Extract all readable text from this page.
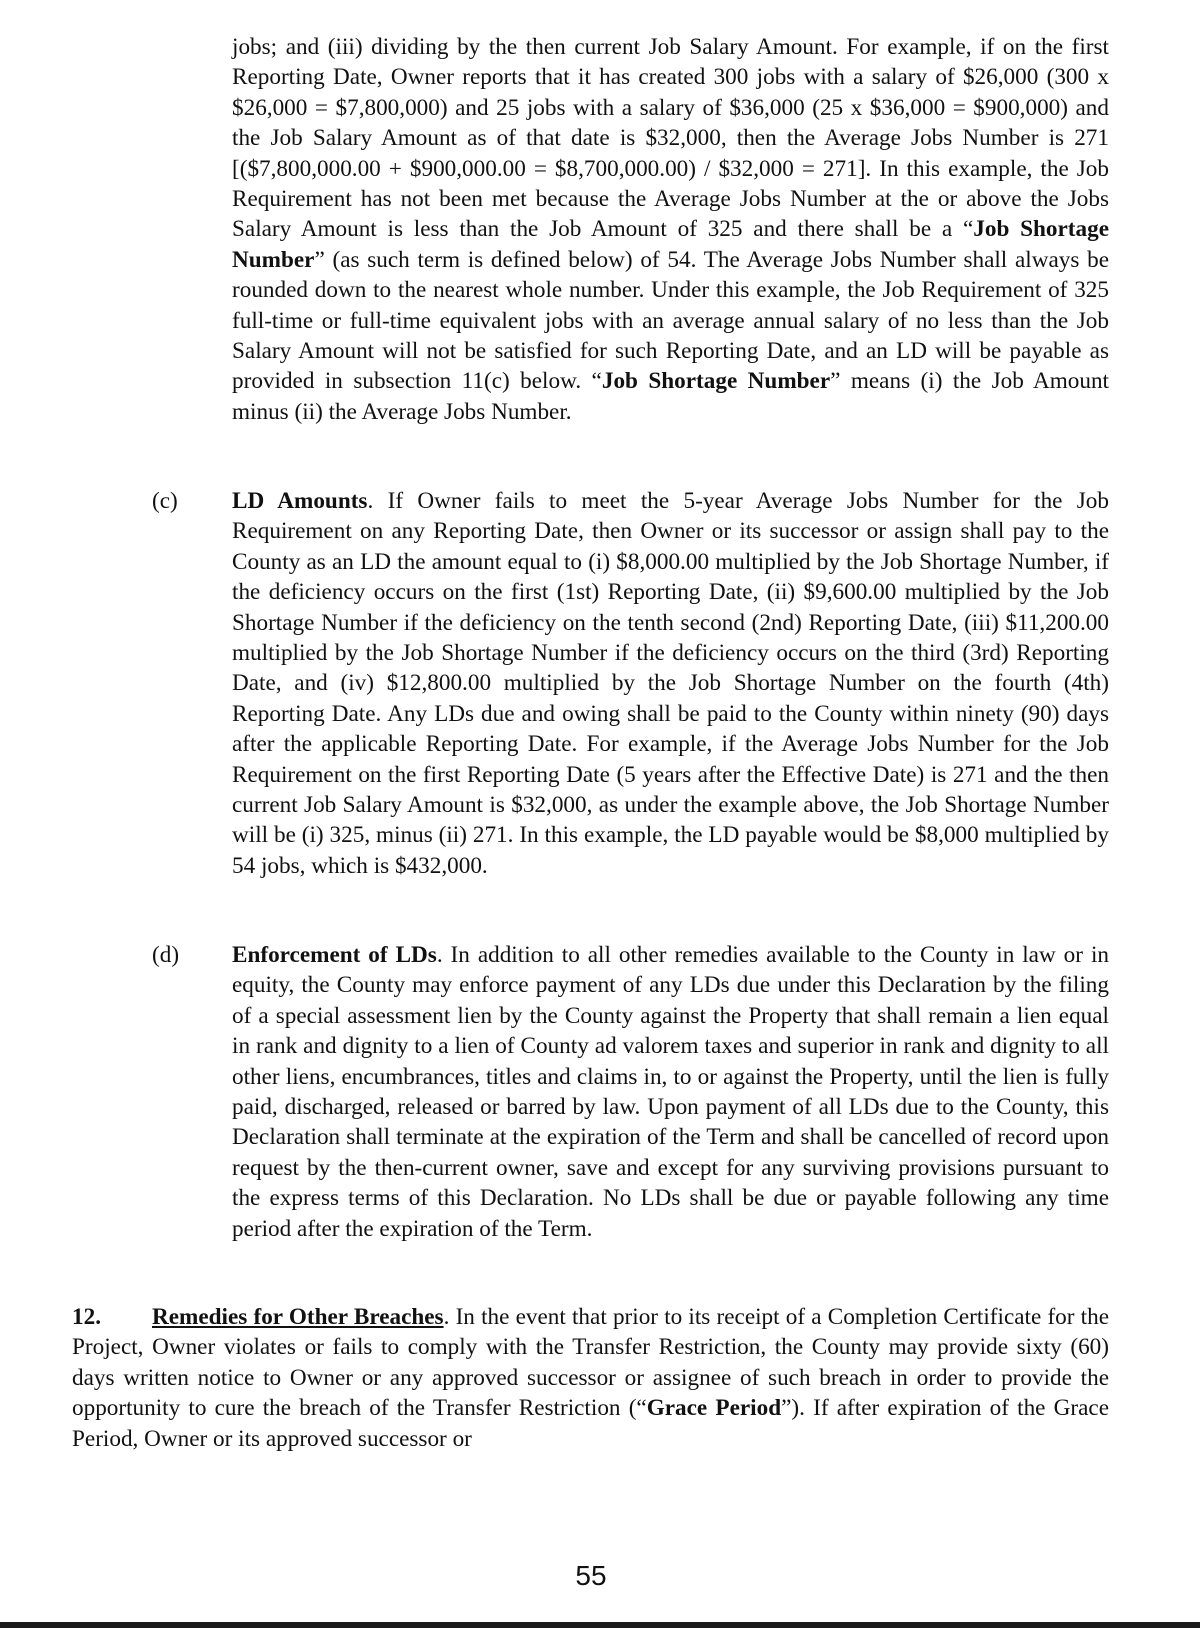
jobs; and (iii) dividing by the then current Job Salary Amount. For example, if on the first Reporting Date, Owner reports that it has created 300 jobs with a salary of $26,000 (300 x $26,000 = $7,800,000) and 25 jobs with a salary of $36,000 (25 x $36,000 = $900,000) and the Job Salary Amount as of that date is $32,000, then the Average Jobs Number is 271 [($7,800,000.00 + $900,000.00 = $8,700,000.00) / $32,000 = 271]. In this example, the Job Requirement has not been met because the Average Jobs Number at the or above the Jobs Salary Amount is less than the Job Amount of 325 and there shall be a “Job Shortage Number” (as such term is defined below) of 54. The Average Jobs Number shall always be rounded down to the nearest whole number. Under this example, the Job Requirement of 325 full-time or full-time equivalent jobs with an average annual salary of no less than the Job Salary Amount will not be satisfied for such Reporting Date, and an LD will be payable as provided in subsection 11(c) below. “Job Shortage Number” means (i) the Job Amount minus (ii) the Average Jobs Number.

(c) LD Amounts. If Owner fails to meet the 5-year Average Jobs Number for the Job Requirement on any Reporting Date, then Owner or its successor or assign shall pay to the County as an LD the amount equal to (i) $8,000.00 multiplied by the Job Shortage Number, if the deficiency occurs on the first (1st) Reporting Date, (ii) $9,600.00 multiplied by the Job Shortage Number if the deficiency on the tenth second (2nd) Reporting Date, (iii) $11,200.00 multiplied by the Job Shortage Number if the deficiency occurs on the third (3rd) Reporting Date, and (iv) $12,800.00 multiplied by the Job Shortage Number on the fourth (4th) Reporting Date. Any LDs due and owing shall be paid to the County within ninety (90) days after the applicable Reporting Date. For example, if the Average Jobs Number for the Job Requirement on the first Reporting Date (5 years after the Effective Date) is 271 and the then current Job Salary Amount is $32,000, as under the example above, the Job Shortage Number will be (i) 325, minus (ii) 271. In this example, the LD payable would be $8,000 multiplied by 54 jobs, which is $432,000.

(d) Enforcement of LDs. In addition to all other remedies available to the County in law or in equity, the County may enforce payment of any LDs due under this Declaration by the filing of a special assessment lien by the County against the Property that shall remain a lien equal in rank and dignity to a lien of County ad valorem taxes and superior in rank and dignity to all other liens, encumbrances, titles and claims in, to or against the Property, until the lien is fully paid, discharged, released or barred by law. Upon payment of all LDs due to the County, this Declaration shall terminate at the expiration of the Term and shall be cancelled of record upon request by the then-current owner, save and except for any surviving provisions pursuant to the express terms of this Declaration. No LDs shall be due or payable following any time period after the expiration of the Term.

12. Remedies for Other Breaches. In the event that prior to its receipt of a Completion Certificate for the Project, Owner violates or fails to comply with the Transfer Restriction, the County may provide sixty (60) days written notice to Owner or any approved successor or assignee of such breach in order to provide the opportunity to cure the breach of the Transfer Restriction (“Grace Period”). If after expiration of the Grace Period, Owner or its approved successor or

55
